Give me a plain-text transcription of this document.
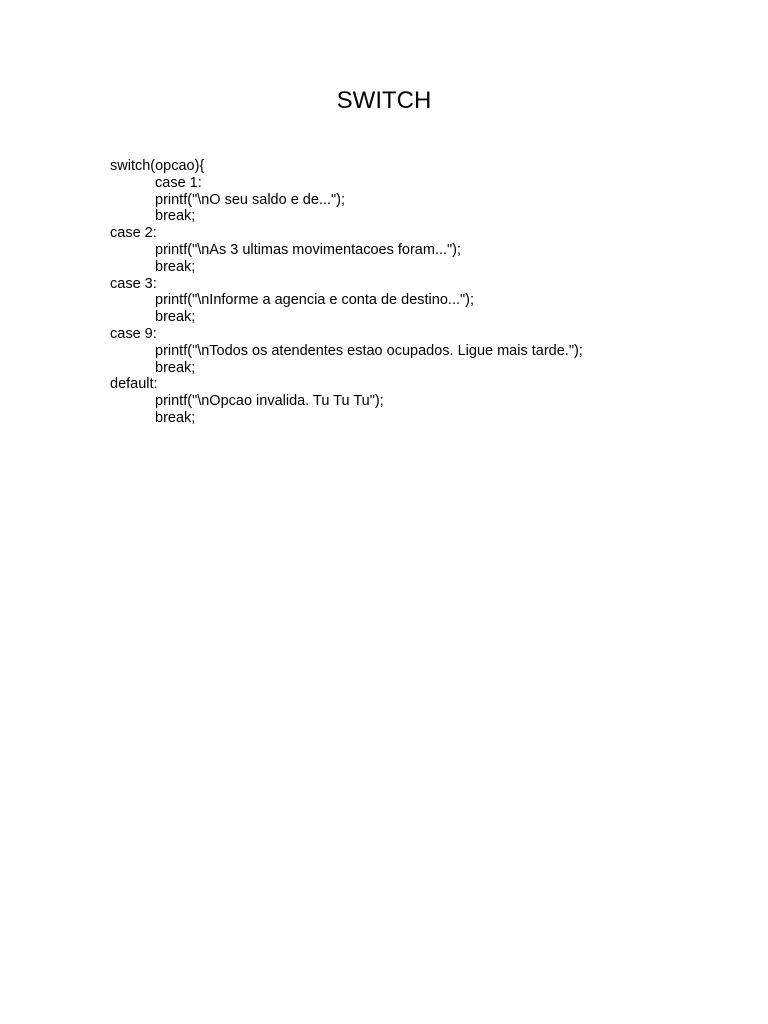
SWITCH
switch(opcao){
case 1:
printf("\nO seu saldo e de...");
break;
case 2:
printf("\nAs 3 ultimas movimentacoes foram...");
break;
case 3:
printf("\nInforme a agencia e conta de destino...");
break;
case 9:
printf("\nTodos os atendentes estao ocupados. Ligue mais tarde.");
break;
default:
printf("\nOpcao invalida. Tu Tu Tu");
break;
